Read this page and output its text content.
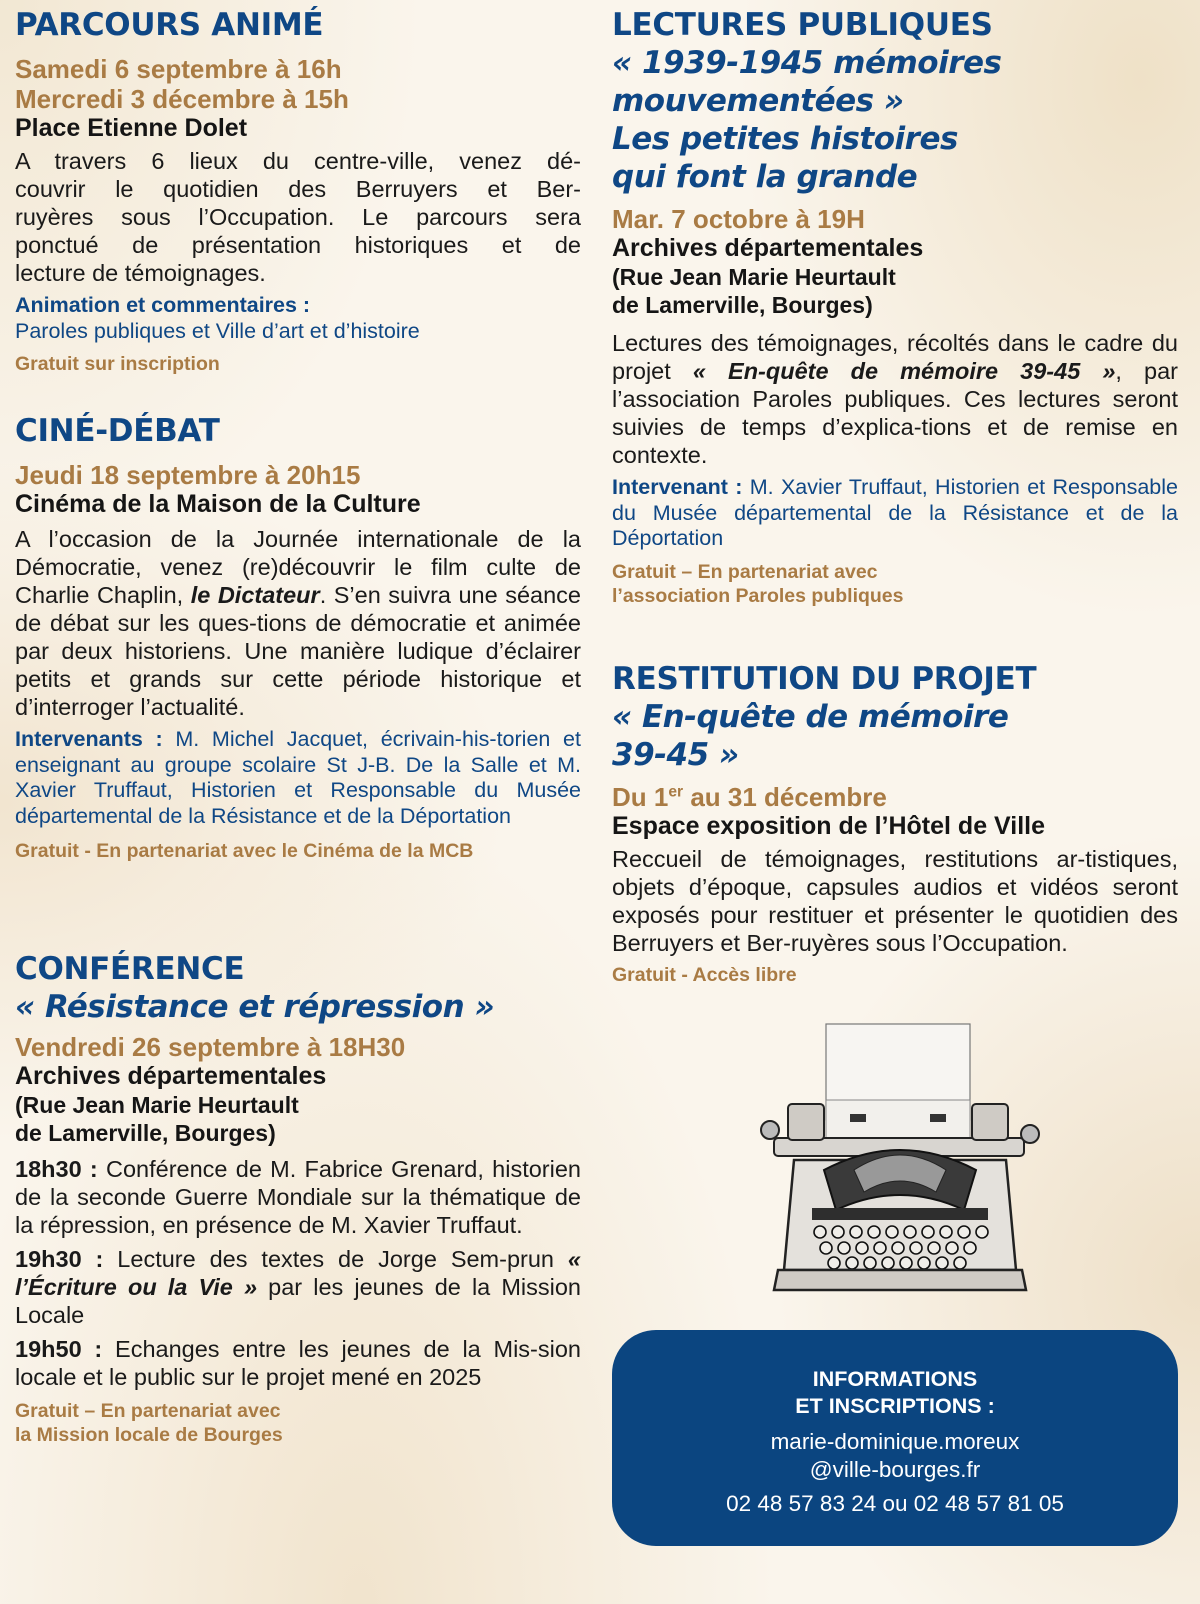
PARCOURS ANIMÉ
Samedi 6 septembre à 16h
Mercredi 3 décembre à 15h
Place Etienne Dolet
A travers 6 lieux du centre-ville, venez dé-
couvrir le quotidien des Berruyers et Ber-
ruyères sous l’Occupation. Le parcours sera
ponctué de présentation historiques et de
lecture de témoignages.
Animation et commentaires :
Paroles publiques et Ville d’art et d’histoire
Gratuit sur inscription
CINÉ-DÉBAT
Jeudi 18 septembre à 20h15
Cinéma de la Maison de la Culture
A l’occasion de la Journée internationale de la Démocratie, venez (re)découvrir le film culte de Charlie Chaplin, le Dictateur. S’en suivra une séance de débat sur les ques-tions de démocratie et animée par deux historiens. Une manière ludique d’éclairer petits et grands sur cette période historique et d’interroger l’actualité.
Intervenants : M. Michel Jacquet, écrivain-his-torien et enseignant au groupe scolaire St J-B. De la Salle et M. Xavier Truffaut, Historien et Responsable du Musée départemental de la Résistance et de la Déportation
Gratuit - En partenariat avec le Cinéma de la MCB
CONFÉRENCE
« Résistance et répression »
Vendredi 26 septembre à 18H30
Archives départementales
(Rue Jean Marie Heurtault
de Lamerville, Bourges)
18h30 : Conférence de M. Fabrice Grenard, historien de la seconde Guerre Mondiale sur la thématique de la répression, en présence de M. Xavier Truffaut.
19h30 : Lecture des textes de Jorge Sem-prun « l’Écriture ou la Vie » par les jeunes de la Mission Locale
19h50 : Echanges entre les jeunes de la Mis-sion locale et le public sur le projet mené en 2025
Gratuit – En partenariat avec
la Mission locale de Bourges
LECTURES PUBLIQUES
« 1939-1945 mémoires
mouvementées »
Les petites histoires
qui font la grande
Mar. 7 octobre à 19H
Archives départementales
(Rue Jean Marie Heurtault
de Lamerville, Bourges)
Lectures des témoignages, récoltés dans le cadre du projet « En-quête de mémoire 39-45 », par l’association Paroles publiques. Ces lectures seront suivies de temps d’explica-tions et de remise en contexte.
Intervenant : M. Xavier Truffaut, Historien et Responsable du Musée départemental de la Résistance et de la Déportation
Gratuit – En partenariat avec
l’association Paroles publiques
RESTITUTION DU PROJET
« En-quête de mémoire
39-45 »
Du 1er au 31 décembre
Espace exposition de l’Hôtel de Ville
Reccueil de témoignages, restitutions ar-tistiques, objets d’époque, capsules audios et vidéos seront exposés pour restituer et présenter le quotidien des Berruyers et Ber-ruyères sous l’Occupation.
Gratuit - Accès libre
INFORMATIONS
ET INSCRIPTIONS :
marie-dominique.moreux
@ville-bourges.fr
02 48 57 83 24 ou 02 48 57 81 05
